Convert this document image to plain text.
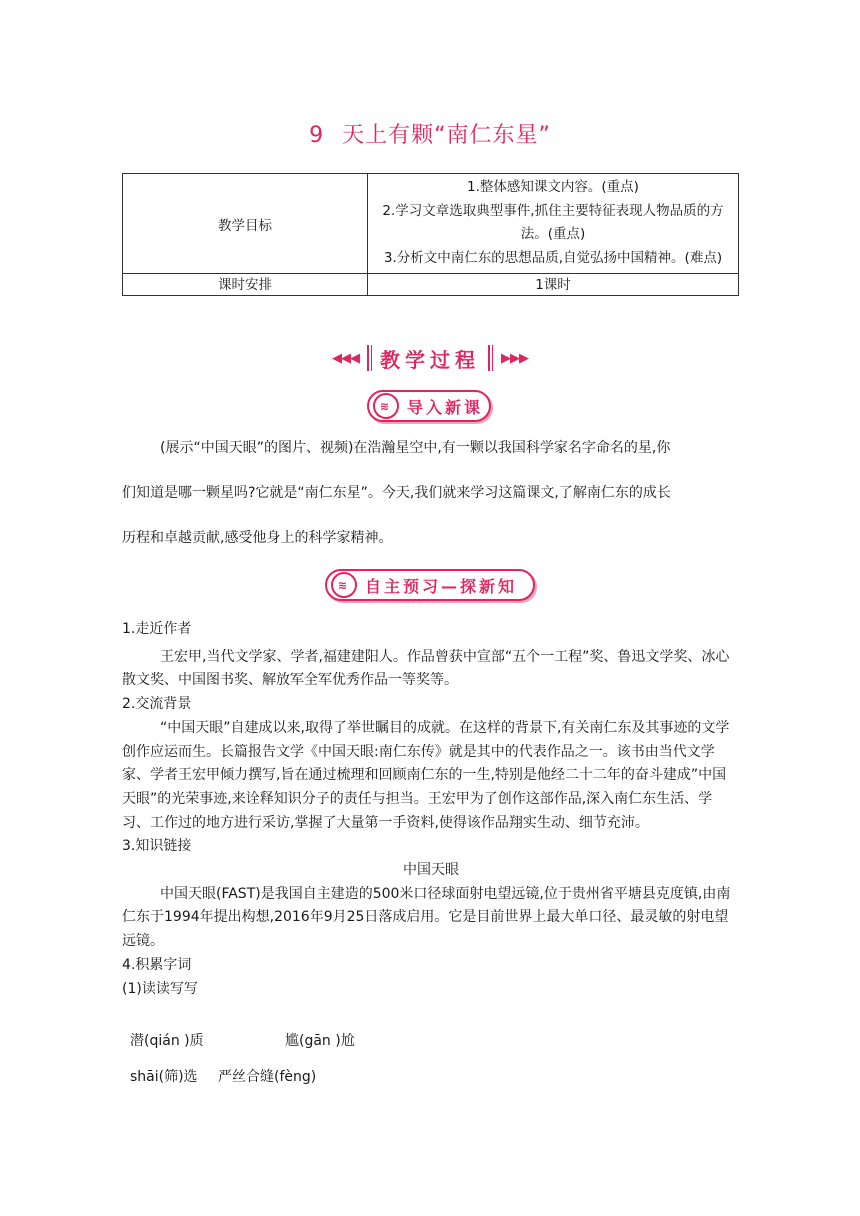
9 天上有颗“南仁东星”
教学目标	1.整体感知课文内容。(重点)
2.学习文章选取典型事件,抓住主要特征表现人物品质的方法。(重点)
3.分析文中南仁东的思想品质,自觉弘扬中国精神。(难点)

课时安排	1课时
◀◀◀ 教学过程 ▶▶▶
≋ 导入新课

(展示“中国天眼”的图片、视频)在浩瀚星空中,有一颗以我国科学家名字命名的星,你

们知道是哪一颗星吗?它就是“南仁东星”。今天,我们就来学习这篇课文,了解南仁东的成长

历程和卓越贡献,感受他身上的科学家精神。

≋ 自主预习—探新知

1.走近作者

王宏甲,当代文学家、学者,福建建阳人。作品曾获中宣部“五个一工程”奖、鲁迅文学奖、冰心散文奖、中国图书奖、解放军全军优秀作品一等奖等。

2.交流背景

“中国天眼”自建成以来,取得了举世瞩目的成就。在这样的背景下,有关南仁东及其事迹的文学创作应运而生。长篇报告文学《中国天眼:南仁东传》就是其中的代表作品之一。该书由当代文学家、学者王宏甲倾力撰写,旨在通过梳理和回顾南仁东的一生,特别是他经二十二年的奋斗建成”中国天眼”的光荣事迹,来诠释知识分子的责任与担当。王宏甲为了创作这部作品,深入南仁东生活、学习、工作过的地方进行采访,掌握了大量第一手资料,使得该作品翔实生动、细节充沛。

3.知识链接

中国天眼

中国天眼(FAST)是我国自主建造的500米口径球面射电望远镜,位于贵州省平塘县克度镇,由南仁东于1994年提出构想,2016年9月25日落成启用。它是目前世界上最大单口径、最灵敏的射电望远镜。

4.积累字词

(1)读读写写

潜(qián )质	尴(gān )尬
shāi(筛)选 严丝合缝(fèng)
